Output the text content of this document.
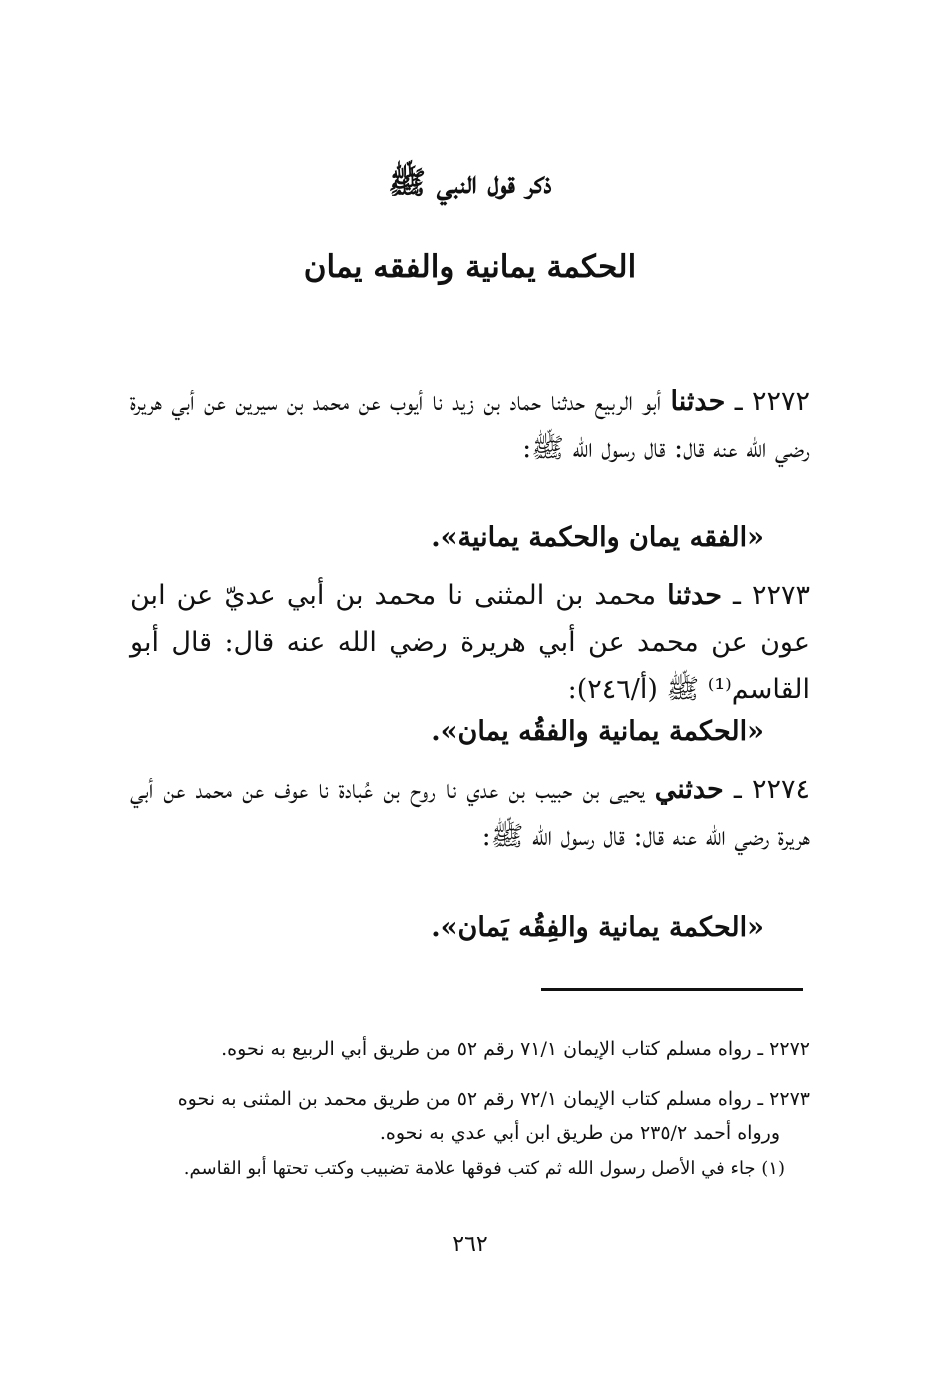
ذكر قول النبي ﷺ
الحكمة يمانية والفقه يمان
٢٢٧٢ ـ حدثنا أبو الربيع حدثنا حماد بن زيد نا أيوب عن محمد بن سيرين عن أبي هريرة رضي الله عنه قال: قال رسول الله ﷺ:
«الفقه يمان والحكمة يمانية».
٢٢٧٣ ـ حدثنا محمد بن المثنى نا محمد بن أبي عديّ عن ابن عون عن محمد عن أبي هريرة رضي الله عنه قال: قال أبو القاسم⁽¹⁾ ﷺ (أ/٢٤٦):
«الحكمة يمانية والفقُه يمان».
٢٢٧٤ ـ حدثني يحيى بن حبيب بن عدي نا روح بن عُبادة نا عوف عن محمد عن أبي هريرة رضي الله عنه قال: قال رسول الله ﷺ:
«الحكمة يمانية والفِقُه يَمان».
٢٢٧٢ ـ رواه مسلم كتاب الإيمان ٧١/١ رقم ٥٢ من طريق أبي الربيع به نحوه.
٢٢٧٣ ـ رواه مسلم كتاب الإيمان ٧٢/١ رقم ٥٢ من طريق محمد بن المثنى به نحوه
ورواه أحمد ٢٣٥/٢ من طريق ابن أبي عدي به نحوه.
(١) جاء في الأصل رسول الله ثم كتب فوقها علامة تضبيب وكتب تحتها أبو القاسم.
٢٦٢
